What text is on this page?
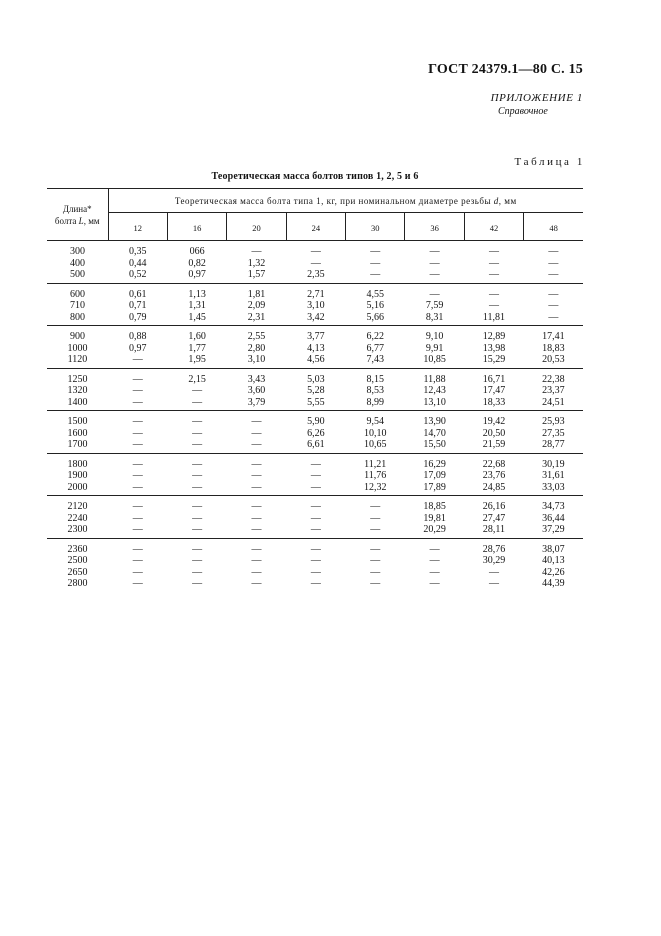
ГОСТ 24379.1—80 С. 15
ПРИЛОЖЕНИЕ 1
Справочное
Таблица 1
Теоретическая масса болтов типов 1, 2, 5 и 6
Длина*
болта L, мм	Теоретическая масса болта типа 1, кг, при номинальном диаметре резьбы d, мм							
	12	16	20	24	30	36	42	48
300	0,35	066	—	—	—	—	—	—
400	0,44	0,82	1,32	—	—	—	—	—
500	0,52	0,97	1,57	2,35	—	—	—	—
600	0,61	1,13	1,81	2,71	4,55	—	—	—
710	0,71	1,31	2,09	3,10	5,16	7,59	—	—
800	0,79	1,45	2,31	3,42	5,66	8,31	11,81	—
900	0,88	1,60	2,55	3,77	6,22	9,10	12,89	17,41
1000	0,97	1,77	2,80	4,13	6,77	9,91	13,98	18,83
1120	—	1,95	3,10	4,56	7,43	10,85	15,29	20,53
1250	—	2,15	3,43	5,03	8,15	11,88	16,71	22,38
1320	—	—	3,60	5,28	8,53	12,43	17,47	23,37
1400	—	—	3,79	5,55	8,99	13,10	18,33	24,51
1500	—	—	—	5,90	9,54	13,90	19,42	25,93
1600	—	—	—	6,26	10,10	14,70	20,50	27,35
1700	—	—	—	6,61	10,65	15,50	21,59	28,77
1800	—	—	—	—	11,21	16,29	22,68	30,19
1900	—	—	—	—	11,76	17,09	23,76	31,61
2000	—	—	—	—	12,32	17,89	24,85	33,03
2120	—	—	—	—	—	18,85	26,16	34,73
2240	—	—	—	—	—	19,81	27,47	36,44
2300	—	—	—	—	—	20,29	28,11	37,29
2360	—	—	—	—	—	—	28,76	38,07
2500	—	—	—	—	—	—	30,29	40,13
2650	—	—	—	—	—	—	—	42,26
2800	—	—	—	—	—	—	—	44,39
